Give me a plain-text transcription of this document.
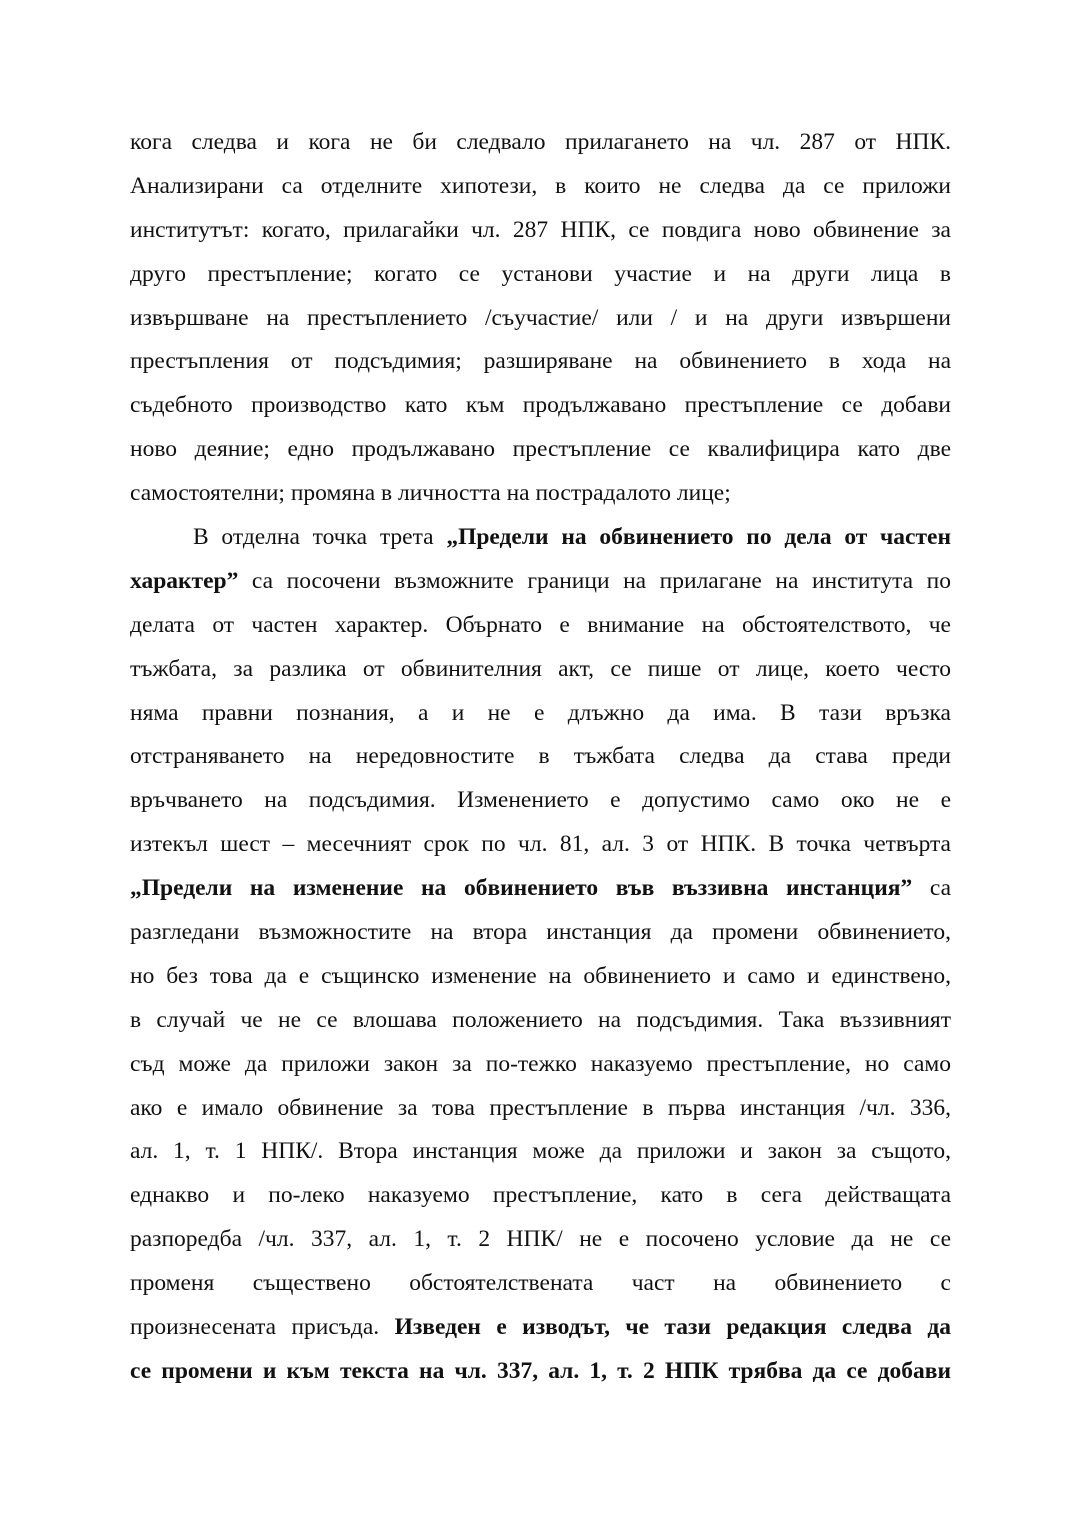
кога следва и кога не би следвало прилагането на чл. 287 от НПК.
Анализирани са отделните хипотези, в които не следва да се приложи
институтът: когато, прилагайки чл. 287 НПК, се повдига ново обвинение за
друго престъпление; когато се установи участие и на други лица в
извършване на престъплението /съучастие/ или / и на други извършени
престъпления от подсъдимия; разширяване на обвинението в хода на
съдебното производство като към продължавано престъпление се добави
ново деяние; едно продължавано престъпление се квалифицира като две
самостоятелни; промяна в личността на пострадалото лице;
В отделна точка трета „Предели на обвинението по дела от частен
характер” са посочени възможните граници на прилагане на института по
делата от частен характер. Обърнато е внимание на обстоятелството, че
тъжбата, за разлика от обвинителния акт, се пише от лице, което често
няма правни познания, а и не е длъжно да има. В тази връзка
отстраняването на нередовностите в тъжбата следва да става преди
връчването на подсъдимия. Изменението е допустимо само око не е
изтекъл шест – месечният срок по чл. 81, ал. 3 от НПК. В точка четвърта
„Предели на изменение на обвинението във въззивна инстанция” са
разгледани възможностите на втора инстанция да промени обвинението,
но без това да е същинско изменение на обвинението и само и единствено,
в случай че не се влошава положението на подсъдимия. Така въззивният
съд може да приложи закон за по-тежко наказуемо престъпление, но само
ако е имало обвинение за това престъпление в първа инстанция /чл. 336,
ал. 1, т. 1 НПК/. Втора инстанция може да приложи и закон за същото,
еднакво и по-леко наказуемо престъпление, като в сега действащата
разпоредба /чл. 337, ал. 1, т. 2 НПК/ не е посочено условие да не се
променя съществено обстоятелствената част на обвинението с
произнесената присъда. Изведен е изводът, че тази редакция следва да
се промени и към текста на чл. 337, ал. 1, т. 2 НПК трябва да се добави
